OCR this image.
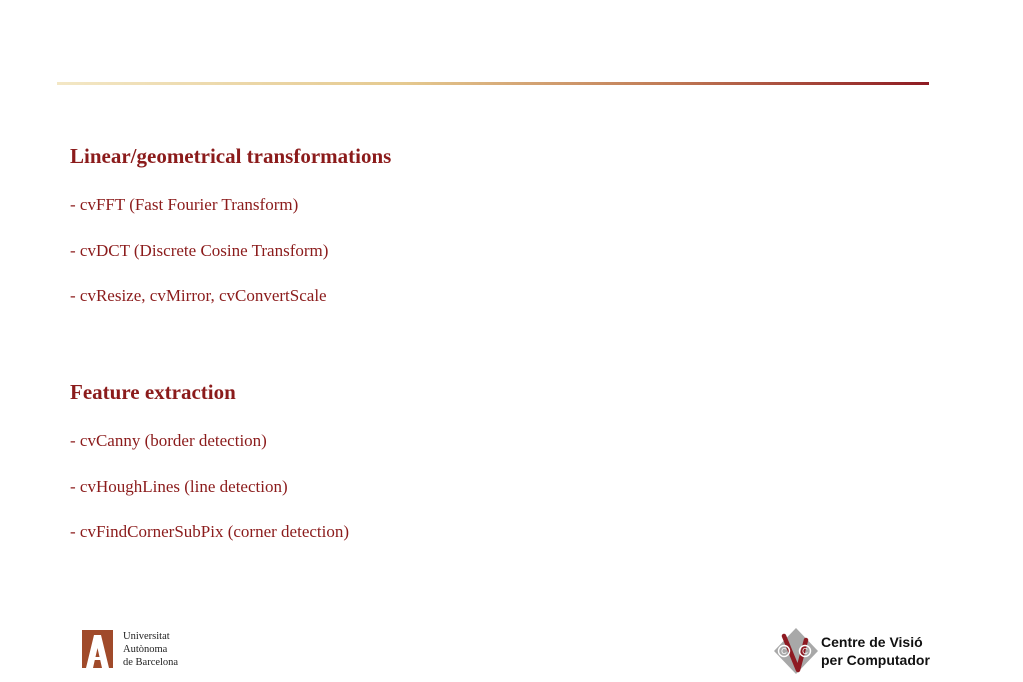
Linear/geometrical transformations

- cvFFT (Fast Fourier Transform)

- cvDCT (Discrete Cosine Transform)

- cvResize, cvMirror, cvConvertScale

Feature extraction

- cvCanny (border detection)

- cvHoughLines (line detection)

- cvFindCornerSubPix (corner detection)

Universitat
Autònoma
de Barcelona
C C
Centre de Visió
per Computador
